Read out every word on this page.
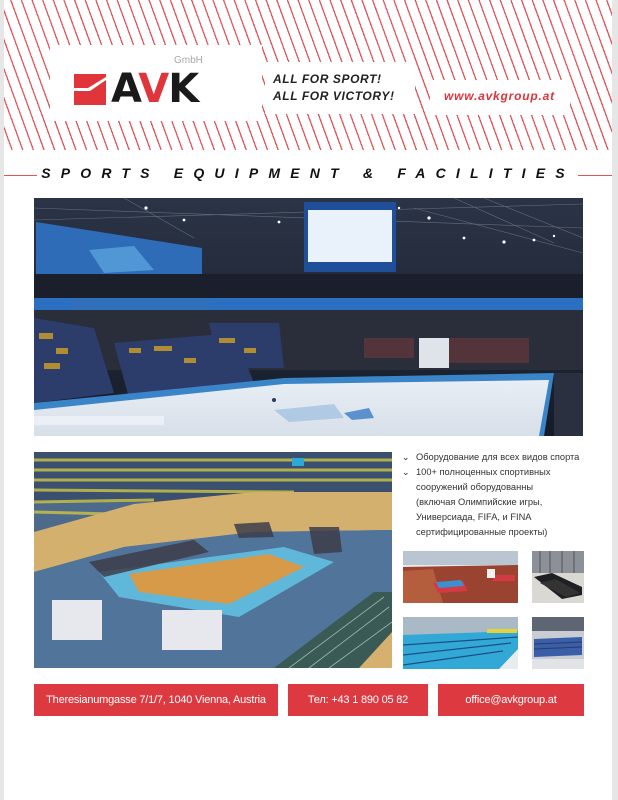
GmbH
AVK	ALL FOR SPORT!
ALL FOR VICTORY!	www.avkgroup.at
SPORTS EQUIPMENT & FACILITIES
⌄ Оборудование для всех видов спорта
⌄ 100+ полноценных спортивных
сооружений оборудованны
(включая Олимпийские игры,
Универсиада, FIFA, и FINA
сертифицированные проекты)
Theresianumgasse 7/1/7, 1040 Vienna, Austria	Тел: +43 1 890 05 82	office@avkgroup.at
